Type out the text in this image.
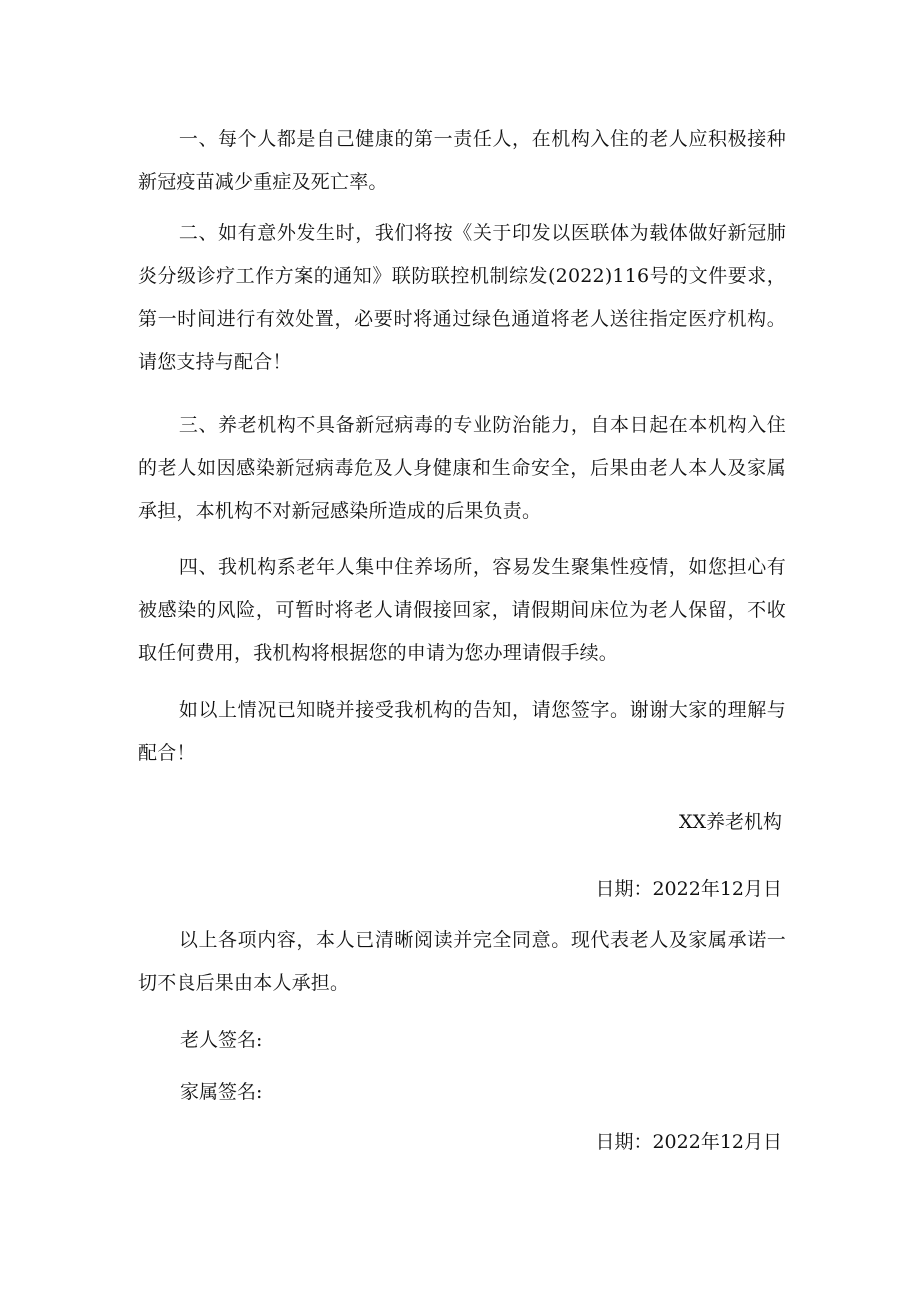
一、每个人都是自己健康的第一责任人，在机构入住的老人应积极接种新冠疫苗减少重症及死亡率。

二、如有意外发生时，我们将按《关于印发以医联体为载体做好新冠肺炎分级诊疗工作方案的通知》联防联控机制综发(2022)116号的文件要求，第一时间进行有效处置，必要时将通过绿色通道将老人送往指定医疗机构。请您支持与配合！

三、养老机构不具备新冠病毒的专业防治能力，自本日起在本机构入住的老人如因感染新冠病毒危及人身健康和生命安全，后果由老人本人及家属承担，本机构不对新冠感染所造成的后果负责。

四、我机构系老年人集中住养场所，容易发生聚集性疫情，如您担心有被感染的风险，可暂时将老人请假接回家，请假期间床位为老人保留，不收取任何费用，我机构将根据您的申请为您办理请假手续。

如以上情况已知晓并接受我机构的告知，请您签字。谢谢大家的理解与配合！

XX养老机构
日期：2022年12月日

以上各项内容，本人已清晰阅读并完全同意。现代表老人及家属承诺一切不良后果由本人承担。

老人签名:
家属签名:
日期：2022年12月日
